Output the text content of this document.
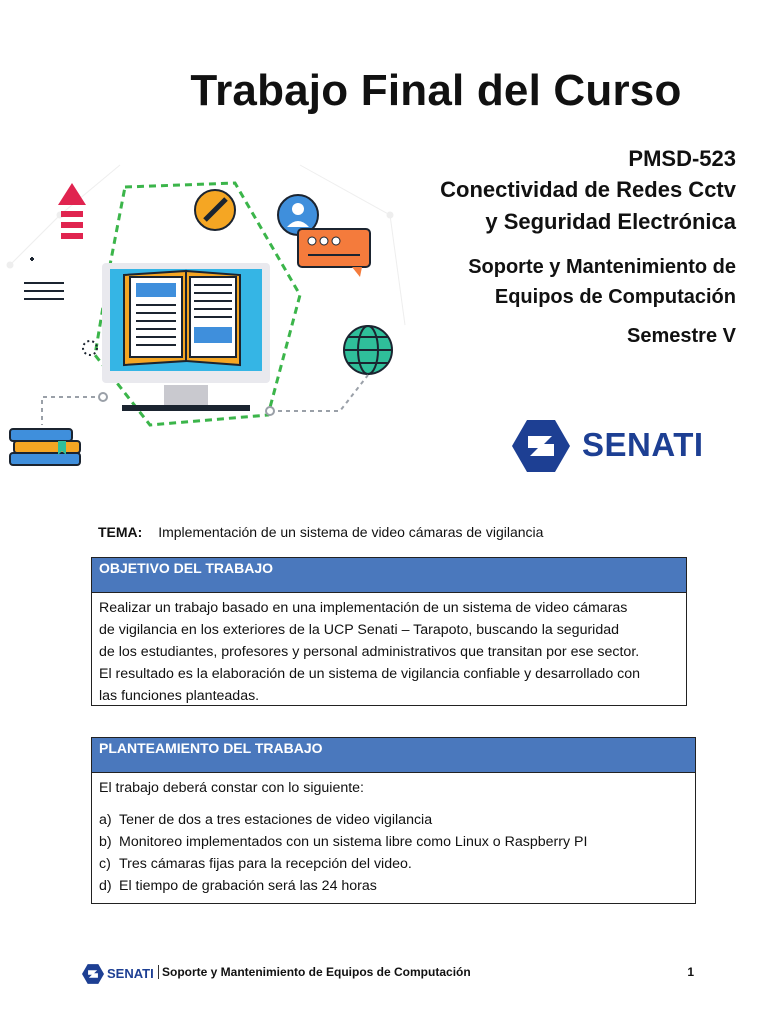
Trabajo Final del Curso
PMSD-523
Conectividad de Redes Cctv
y Seguridad Electrónica
Soporte y Mantenimiento de
Equipos de Computación
Semestre V
SENATI
TEMA: Implementación de un sistema de video cámaras de vigilancia
OBJETIVO DEL TRABAJO
Realizar un trabajo basado en una implementación de un sistema de video cámaras
de vigilancia en los exteriores de la UCP Senati – Tarapoto, buscando la seguridad
de los estudiantes, profesores y personal administrativos que transitan por ese sector.
El resultado es la elaboración de un sistema de vigilancia confiable y desarrollado con
las funciones planteadas.
PLANTEAMIENTO DEL TRABAJO
El trabajo deberá constar con lo siguiente:
a) Tener de dos a tres estaciones de video vigilancia
b) Monitoreo implementados con un sistema libre como Linux o Raspberry PI
c) Tres cámaras fijas para la recepción del video.
d) El tiempo de grabación será las 24 horas
SENATI Soporte y Mantenimiento de Equipos de Computación	1
